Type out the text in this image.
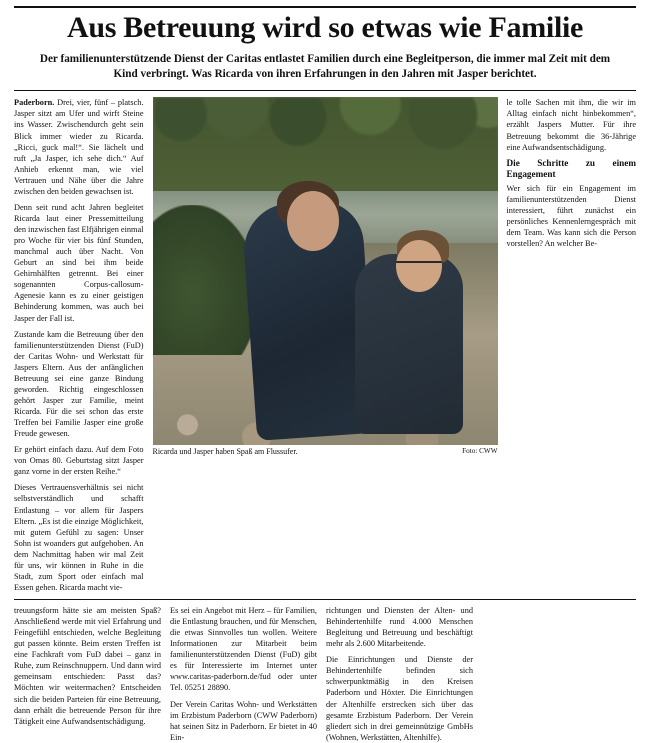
Aus Betreuung wird so etwas wie Familie
Der familienunterstützende Dienst der Caritas entlastet Familien durch eine Begleitperson, die immer mal Zeit mit dem Kind verbringt. Was Ricarda von ihren Erfahrungen in den Jahren mit Jasper berichtet.

Paderborn. Drei, vier, fünf – platsch. Jasper sitzt am Ufer und wirft Steine ins Wasser. Zwischendurch geht sein Blick immer wieder zu Ricarda. „Ricci, guck mal!“. Sie lächelt und ruft „Ja Jasper, ich sehe dich.“ Auf Anhieb erkennt man, wie viel Vertrauen und Nähe über die Jahre zwischen den beiden gewachsen ist.

Denn seit rund acht Jahren begleitet Ricarda laut einer Pressemitteilung den inzwischen fast Elfjährigen einmal pro Woche für vier bis fünf Stunden, manchmal auch über Nacht. Von Geburt an sind bei ihm beide Gehirnhälften getrennt. Bei einer sogenannten Corpus-callosum-Agenesie kann es zu einer geistigen Behinderung kommen, was auch bei Jasper der Fall ist.

Zustande kam die Betreuung über den familienunterstützenden Dienst (FuD) der Caritas Wohn- und Werkstatt für Jaspers Eltern. Aus der anfänglichen Betreuung sei eine ganze Bindung geworden. Richtig eingeschlossen gehört Jasper zur Familie, meint Ricarda. Für die sei schon das erste Treffen bei Familie Jasper eine große Freude gewesen.

Er gehört einfach dazu. Auf dem Foto von Omas 80. Geburtstag sitzt Jasper ganz vorne in der ersten Reihe.“

Dieses Vertrauensverhältnis sei nicht selbstverständlich und schafft Entlastung – vor allem für Jaspers Eltern. „Es ist die einzige Möglichkeit, mit gutem Gefühl zu sagen: Unser Sohn ist woanders gut aufgehoben. An dem Nachmittag haben wir mal Zeit für uns, wir können in Ruhe in die Stadt, zum Sport oder einfach mal Essen gehen. Ricarda macht vie-

Ricarda und Jasper haben Spaß am Flussufer.	Foto: CWW

le tolle Sachen mit ihm, die wir im Alltag einfach nicht hinbekommen“, erzählt Jaspers Mutter. Für ihre Betreuung bekommt die 36-Jährige eine Aufwandsentschädigung.

Die Schritte zu einem Engagement

Wer sich für ein Engagement im familienunterstützenden Dienst interessiert, führt zunächst ein persönliches Kennenlerngespräch mit dem Team. Was kann sich die Person vorstellen? An welcher Be-

treuungsform hätte sie am meisten Spaß? Anschließend werde mit viel Erfahrung und Feingefühl entschieden, welche Begleitung gut passen könnte. Beim ersten Treffen ist eine Fachkraft vom FuD dabei – ganz in Ruhe, zum Reinschnuppern. Und dann wird gemeinsam entschieden: Passt das? Möchten wir weitermachen? Entscheiden sich die beiden Parteien für eine Betreuung, dann erhält die betreuende Person für ihre Tätigkeit eine Aufwandsentschädigung.

Es sei ein Angebot mit Herz – für Familien, die Entlastung brauchen, und für Menschen, die etwas Sinnvolles tun wollen. Weitere Informationen zur Mitarbeit beim familienunterstützenden Dienst (FuD) gibt es für Interessierte im Internet unter www.caritas-paderborn.de/fud oder unter Tel. 05251 28890.

Der Verein Caritas Wohn- und Werkstätten im Erzbistum Paderborn (CWW Paderborn) hat seinen Sitz in Paderborn. Er bietet in 40 Ein-

richtungen und Diensten der Alten- und Behindertenhilfe rund 4.000 Menschen Begleitung und Betreuung und beschäftigt mehr als 2.600 Mitarbeitende.

Die Einrichtungen und Dienste der Behindertenhilfe befinden sich schwerpunktmäßig in den Kreisen Paderborn und Höxter. Die Einrichtungen der Altenhilfe erstrecken sich über das gesamte Erzbistum Paderborn. Der Verein gliedert sich in drei gemeinnützige GmbHs (Wohnen, Werkstätten, Altenhilfe).
